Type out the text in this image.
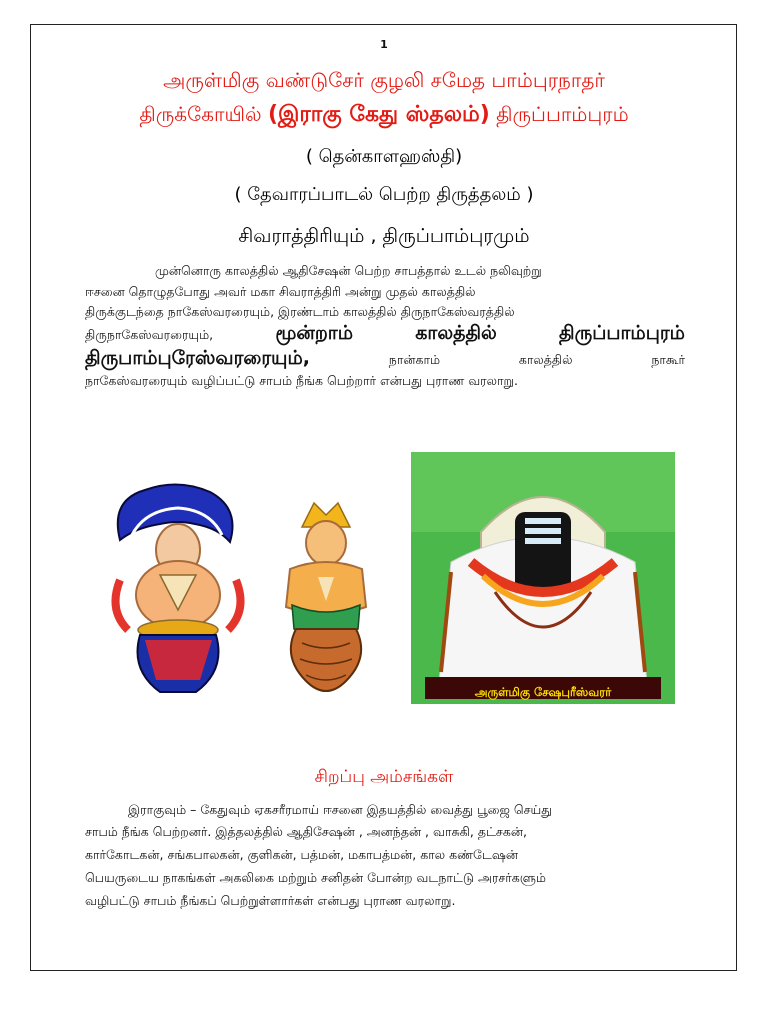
1
அருள்மிகு வண்டுசேர் குழலி சமேத பாம்புரநாதர்
திருக்கோயில் (இராகு கேது ஸ்தலம்) திருப்பாம்புரம்
( தென்காளஹஸ்தி)
( தேவாரப்பாடல் பெற்ற திருத்தலம் )
சிவராத்திரியும் , திருப்பாம்புரமும்
முன்னொரு காலத்தில் ஆதிசேஷன் பெற்ற சாபத்தால் உடல் நலிவுற்று
ஈசனை தொழுதபோது அவர் மகா சிவராத்திரி அன்று முதல் காலத்தில்
திருக்குடந்தை நாகேஸ்வரரையும், இரண்டாம் காலத்தில் திருநாகேஸ்வரத்தில்
திருநாகேஸ்வரரையும்,	மூன்றாம்	காலத்தில்	திருப்பாம்புரம்
திருபாம்புரேஸ்வரரையும்,	நான்காம்	காலத்தில்	நாகூர்
நாகேஸ்வரரையும் வழிப்பட்டு சாபம் நீங்க பெற்றார் என்பது புராண வரலாறு.
அருள்மிகு சேஷபுரீஸ்வரர்
சிறப்பு அம்சங்கள்
இராகுவும் – கேதுவும் ஏகசரீரமாய் ஈசனை இதயத்தில் வைத்து பூஜை செய்து
சாபம் நீங்க பெற்றனர். இத்தலத்தில் ஆதிசேஷன் , அனந்தன் , வாசுகி, தட்சகன்,
கார்கோடகன், சங்கபாலகன், குளிகன், பத்மன், மகாபத்மன், கால கண்டேஷன்
பெயருடைய நாகங்கள் அகலிகை மற்றும் சனிதன் போன்ற வடநாட்டு அரசர்களும்
வழிபட்டு சாபம் நீங்கப் பெற்றுள்ளார்கள் என்பது புராண வரலாறு.
